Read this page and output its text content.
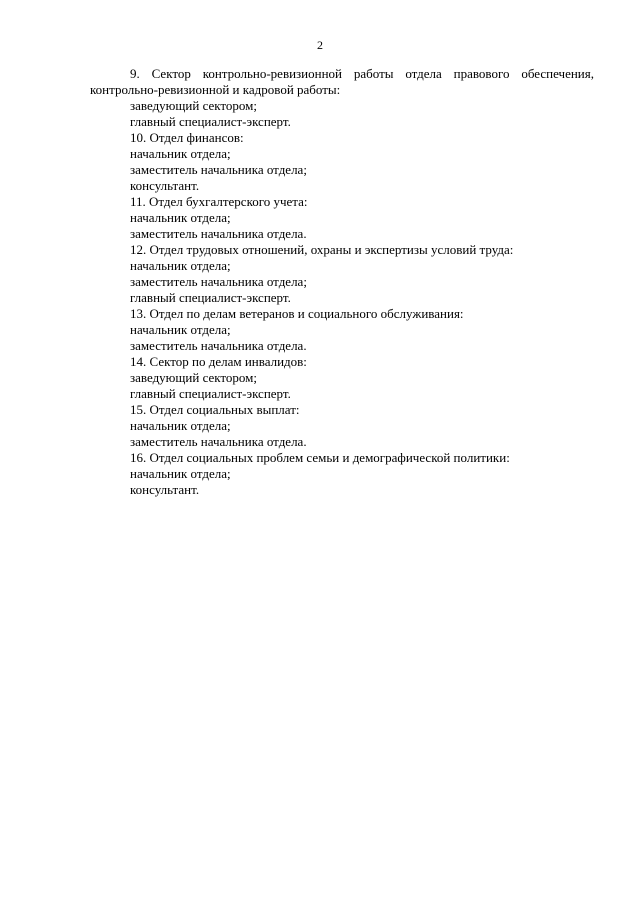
2

9. Сектор контрольно-ревизионной работы отдела правового обеспечения, контрольно-ревизионной и кадровой работы:

заведующий сектором;

главный специалист-эксперт.

10. Отдел финансов:

начальник отдела;

заместитель начальника отдела;

консультант.

11. Отдел бухгалтерского учета:

начальник отдела;

заместитель начальника отдела.

12. Отдел трудовых отношений, охраны и экспертизы условий труда:

начальник отдела;

заместитель начальника отдела;

главный специалист-эксперт.

13. Отдел по делам ветеранов и социального обслуживания:

начальник отдела;

заместитель начальника отдела.

14. Сектор по делам инвалидов:

заведующий сектором;

главный специалист-эксперт.

15. Отдел социальных выплат:

начальник отдела;

заместитель начальника отдела.

16. Отдел социальных проблем семьи и демографической политики:

начальник отдела;

консультант.
